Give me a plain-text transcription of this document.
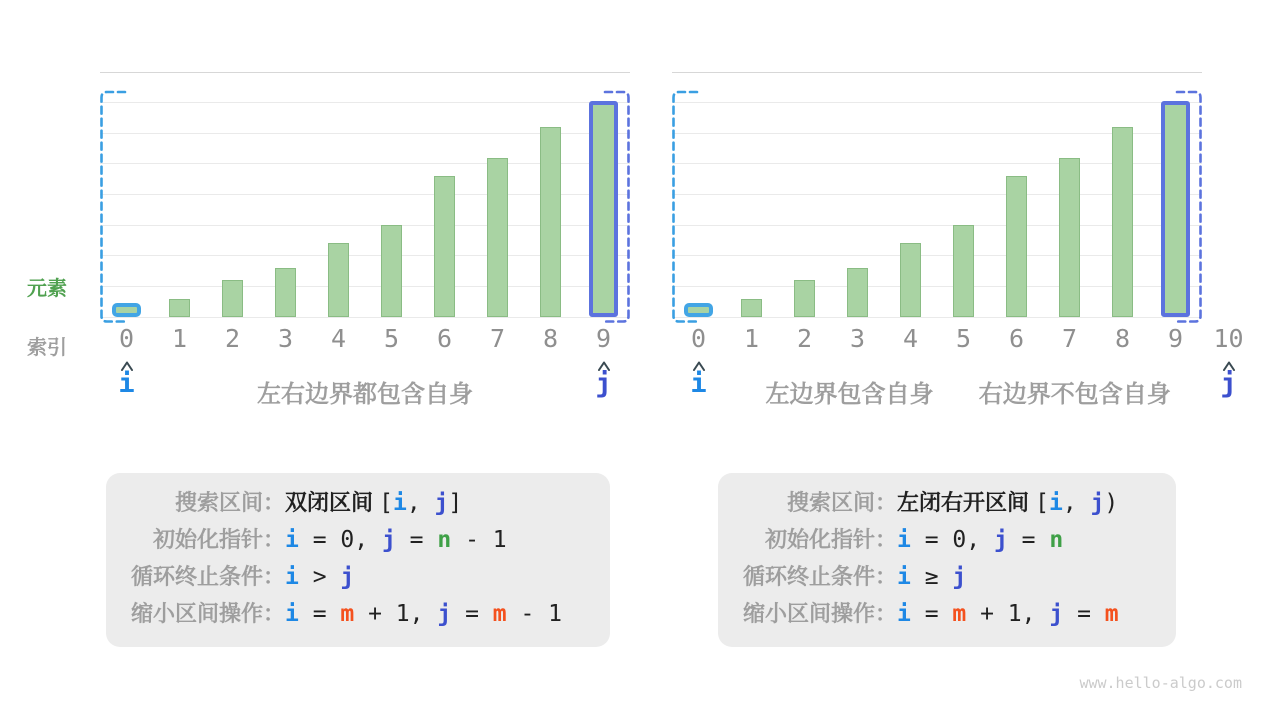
元素
索引 0 1 2 3 4 5 6 7 8 9
i	j
左右边界都包含自身
0 1 2 3 4 5 6 7 8 9 10
i	j
左边界包含自身 右边界不包含自身
搜索区间： 双闭区间 [i, j]
初始化指针： i = 0, j = n - 1
循环终止条件： i > j
缩小区间操作： i = m + 1, j = m - 1
搜索区间： 左闭右开区间 [i, j)
初始化指针： i = 0, j = n
循环终止条件： i ≥ j
缩小区间操作： i = m + 1, j = m
www.hello-algo.com
